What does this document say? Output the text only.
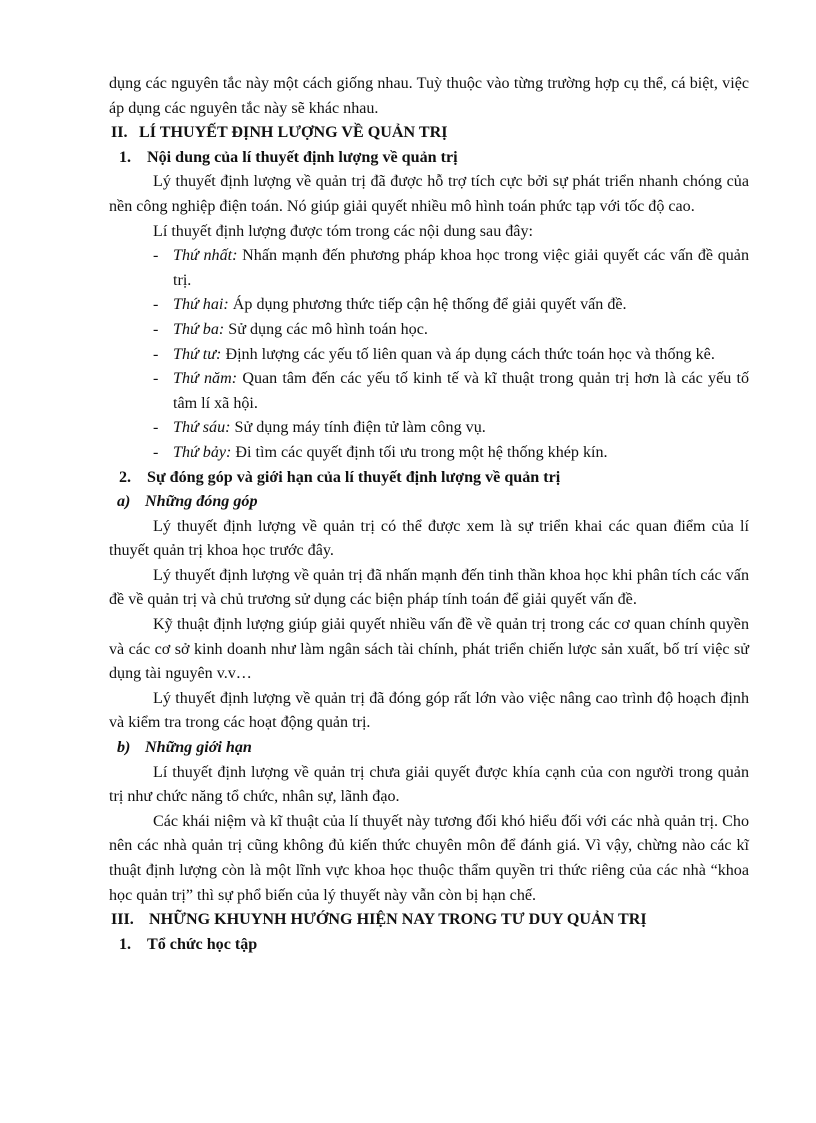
dụng các nguyên tắc này một cách giống nhau. Tuỳ thuộc vào từng trường hợp cụ thể, cá biệt, việc áp dụng các nguyên tắc này sẽ khác nhau.

II. LÍ THUYẾT ĐỊNH LƯỢNG VỀ QUẢN TRỊ

1. Nội dung của lí thuyết định lượng về quản trị

Lý thuyết định lượng về quản trị đã được hỗ trợ tích cực bởi sự phát triển nhanh chóng của nền công nghiệp điện toán. Nó giúp giải quyết nhiều mô hình toán phức tạp với tốc độ cao.

Lí thuyết định lượng được tóm trong các nội dung sau đây:

- Thứ nhất: Nhấn mạnh đến phương pháp khoa học trong việc giải quyết các vấn đề quản trị.
- Thứ hai: Áp dụng phương thức tiếp cận hệ thống để giải quyết vấn đề.
- Thứ ba: Sử dụng các mô hình toán học.
- Thứ tư: Định lượng các yếu tố liên quan và áp dụng cách thức toán học và thống kê.
- Thứ năm: Quan tâm đến các yếu tố kinh tế và kĩ thuật trong quản trị hơn là các yếu tố tâm lí xã hội.
- Thứ sáu: Sử dụng máy tính điện tử làm công vụ.
- Thứ bảy: Đi tìm các quyết định tối ưu trong một hệ thống khép kín.

2. Sự đóng góp và giới hạn của lí thuyết định lượng về quản trị

a) Những đóng góp

Lý thuyết định lượng về quản trị có thể được xem là sự triển khai các quan điểm của lí thuyết quản trị khoa học trước đây.

Lý thuyết định lượng về quản trị đã nhấn mạnh đến tinh thần khoa học khi phân tích các vấn đề về quản trị và chủ trương sử dụng các biện pháp tính toán để giải quyết vấn đề.

Kỹ thuật định lượng giúp giải quyết nhiều vấn đề về quản trị trong các cơ quan chính quyền và các cơ sở kinh doanh như làm ngân sách tài chính, phát triển chiến lược sản xuất, bố trí việc sử dụng tài nguyên v.v…

Lý thuyết định lượng về quản trị đã đóng góp rất lớn vào việc nâng cao trình độ hoạch định và kiểm tra trong các hoạt động quản trị.

b) Những giới hạn

Lí thuyết định lượng về quản trị chưa giải quyết được khía cạnh của con người trong quản trị như chức năng tổ chức, nhân sự, lãnh đạo.

Các khái niệm và kĩ thuật của lí thuyết này tương đối khó hiểu đối với các nhà quản trị. Cho nên các nhà quản trị cũng không đủ kiến thức chuyên môn để đánh giá. Vì vậy, chừng nào các kĩ thuật định lượng còn là một lĩnh vực khoa học thuộc thẩm quyền tri thức riêng của các nhà “khoa học quản trị” thì sự phổ biến của lý thuyết này vẫn còn bị hạn chế.

III. NHỮNG KHUYNH HƯỚNG HIỆN NAY TRONG TƯ DUY QUẢN TRỊ

1. Tổ chức học tập
